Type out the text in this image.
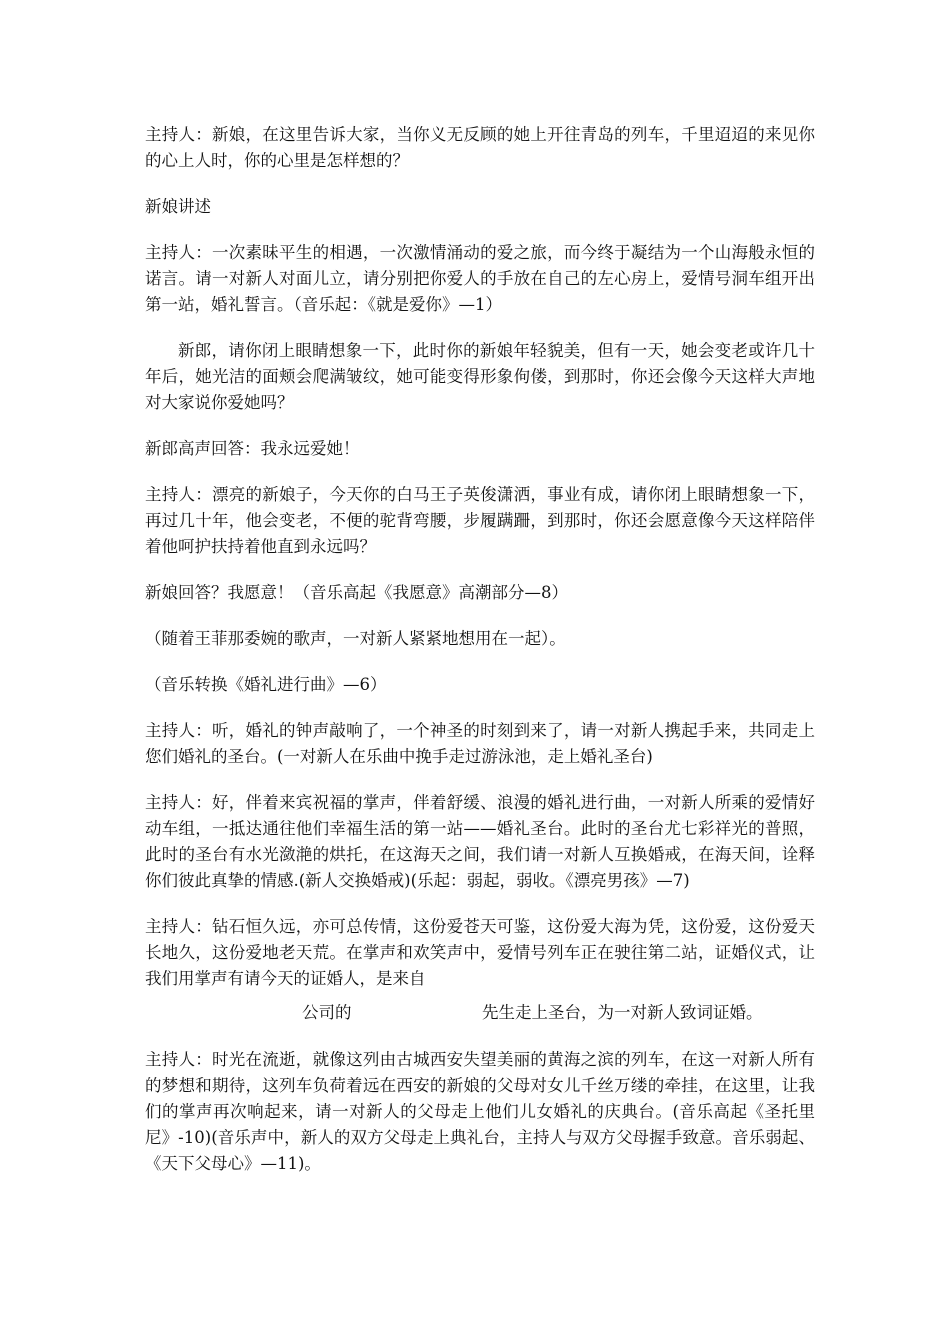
主持人：新娘，在这里告诉大家，当你义无反顾的她上开往青岛的列车，千里迢迢的来见你的心上人时，你的心里是怎样想的？

新娘讲述

主持人：一次素昧平生的相遇，一次激情涌动的爱之旅，而今终于凝结为一个山海般永恒的诺言。请一对新人对面儿立，请分别把你爱人的手放在自己的左心房上，爱情号洞车组开出第一站，婚礼誓言。（音乐起：《就是爱你》—1）

新郎，请你闭上眼睛想象一下，此时你的新娘年轻貌美，但有一天，她会变老或许几十年后，她光洁的面颊会爬满皱纹，她可能变得形象佝偻，到那时，你还会像今天这样大声地对大家说你爱她吗？

新郎高声回答：我永远爱她！

主持人：漂亮的新娘子，今天你的白马王子英俊潇洒，事业有成，请你闭上眼睛想象一下，再过几十年，他会变老，不便的驼背弯腰，步履蹒跚，到那时，你还会愿意像今天这样陪伴着他呵护扶持着他直到永远吗？

新娘回答？我愿意！（音乐高起《我愿意》高潮部分—8）

（随着王菲那委婉的歌声，一对新人紧紧地想用在一起）。

（音乐转换《婚礼进行曲》—6）

主持人：听，婚礼的钟声敲响了，一个神圣的时刻到来了，请一对新人携起手来，共同走上您们婚礼的圣台。(一对新人在乐曲中挽手走过游泳池，走上婚礼圣台)

主持人：好，伴着来宾祝福的掌声，伴着舒缓、浪漫的婚礼进行曲，一对新人所乘的爱情好动车组，一抵达通往他们幸福生活的第一站——婚礼圣台。此时的圣台尤七彩祥光的普照，此时的圣台有水光潋滟的烘托，在这海天之间，我们请一对新人互换婚戒，在海天间，诠释你们彼此真挚的情感.(新人交换婚戒)(乐起：弱起，弱收。《漂亮男孩》—7)

主持人：钻石恒久远，亦可总传情，这份爱苍天可鉴，这份爱大海为凭，这份爱，这份爱天长地久，这份爱地老天荒。在掌声和欢笑声中，爱情号列车正在驶往第二站，证婚仪式，让我们用掌声有请今天的证婚人，是来自

公司的	先生走上圣台，为一对新人致词证婚。

主持人：时光在流逝，就像这列由古城西安失望美丽的黄海之滨的列车，在这一对新人所有的梦想和期待，这列车负荷着远在西安的新娘的父母对女儿千丝万缕的牵挂，在这里，让我们的掌声再次响起来，请一对新人的父母走上他们儿女婚礼的庆典台。(音乐高起《圣托里尼》-10)(音乐声中，新人的双方父母走上典礼台，主持人与双方父母握手致意。音乐弱起、《天下父母心》—11)。
